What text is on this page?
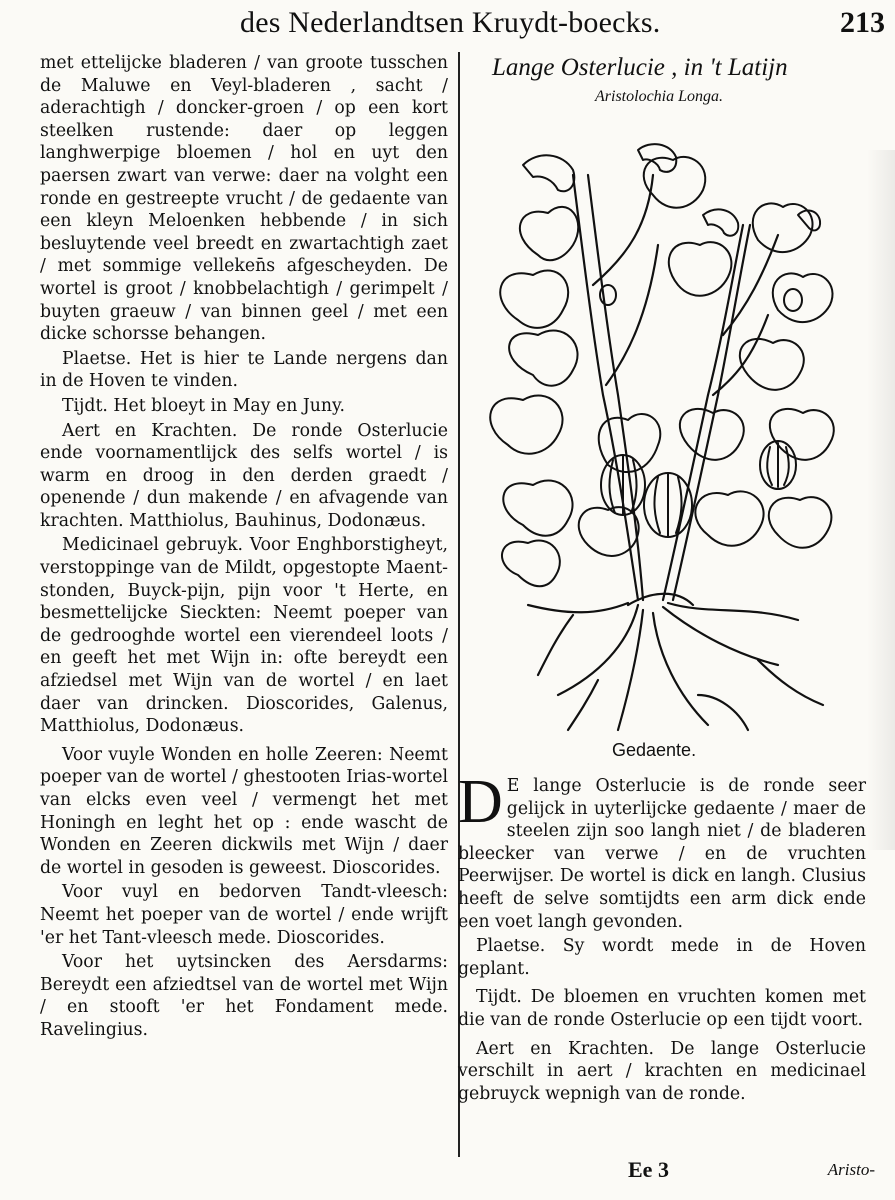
des Nederlandtsen Kruydt-boecks.	213

met ettelijcke bladeren / van groote tusschen de Maluwe en Veyl-bladeren , sacht / aderachtigh / doncker-groen / op een kort steelken rustende: daer op leggen langhwerpige bloemen / hol en uyt den paersen zwart van verwe: daer na volght een ronde en gestreepte vrucht / de gedaente van een kleyn Meloenken hebbende / in sich besluytende veel breedt en zwartachtigh zaet / met sommige velleken̄s afgescheyden. De wortel is groot / knobbelachtigh / gerimpelt / buyten graeuw / van binnen geel / met een dicke schorsse behangen.

Plaetse. Het is hier te Lande nergens dan in de Hoven te vinden.

Tijdt. Het bloeyt in May en Juny.

Aert en Krachten. De ronde Osterlucie ende voornamentlijck des selfs wortel / is warm en droog in den derden graedt / openende / dun makende / en afvagende van krachten. Matthiolus, Bauhinus, Dodonæus.

Medicinael gebruyk. Voor Enghborstigheyt, verstoppinge van de Mildt, opgestopte Maent-stonden, Buyck-pijn, pijn voor 't Herte, en besmettelijcke Sieckten: Neemt poeper van de gedrooghde wortel een vierendeel loots / en geeft het met Wijn in: ofte bereydt een afziedsel met Wijn van de wortel / en laet daer van drincken. Dioscorides, Galenus, Matthiolus, Dodonæus.

Voor vuyle Wonden en holle Zeeren: Neemt poeper van de wortel / ghestooten Irias-wortel van elcks even veel / vermengt het met Honingh en leght het op : ende wascht de Wonden en Zeeren dickwils met Wijn / daer de wortel in gesoden is geweest. Dioscorides.

Voor vuyl en bedorven Tandt-vleesch: Neemt het poeper van de wortel / ende wrijft 'er het Tant-vleesch mede. Dioscorides.

Voor het uytsincken des Aersdarms: Bereydt een afziedtsel van de wortel met Wijn / en stooft 'er het Fondament mede. Ravelingius.

Lange Osterlucie , in 't Latijn
Aristolochia Longa.
Gedaente.

D E lange Osterlucie is de ronde seer gelijck in uyterlijcke gedaente / maer de steelen zijn soo langh niet / de bladeren bleecker van verwe / en de vruchten Peerwijser. De wortel is dick en langh. Clusius heeft de selve somtijdts een arm dick ende een voet langh gevonden.

Plaetse. Sy wordt mede in de Hoven geplant.

Tijdt. De bloemen en vruchten komen met die van de ronde Osterlucie op een tijdt voort.

Aert en Krachten. De lange Osterlucie verschilt in aert / krachten en medicinael gebruyck wepnigh van de ronde.

Ee 3	Aristo-
